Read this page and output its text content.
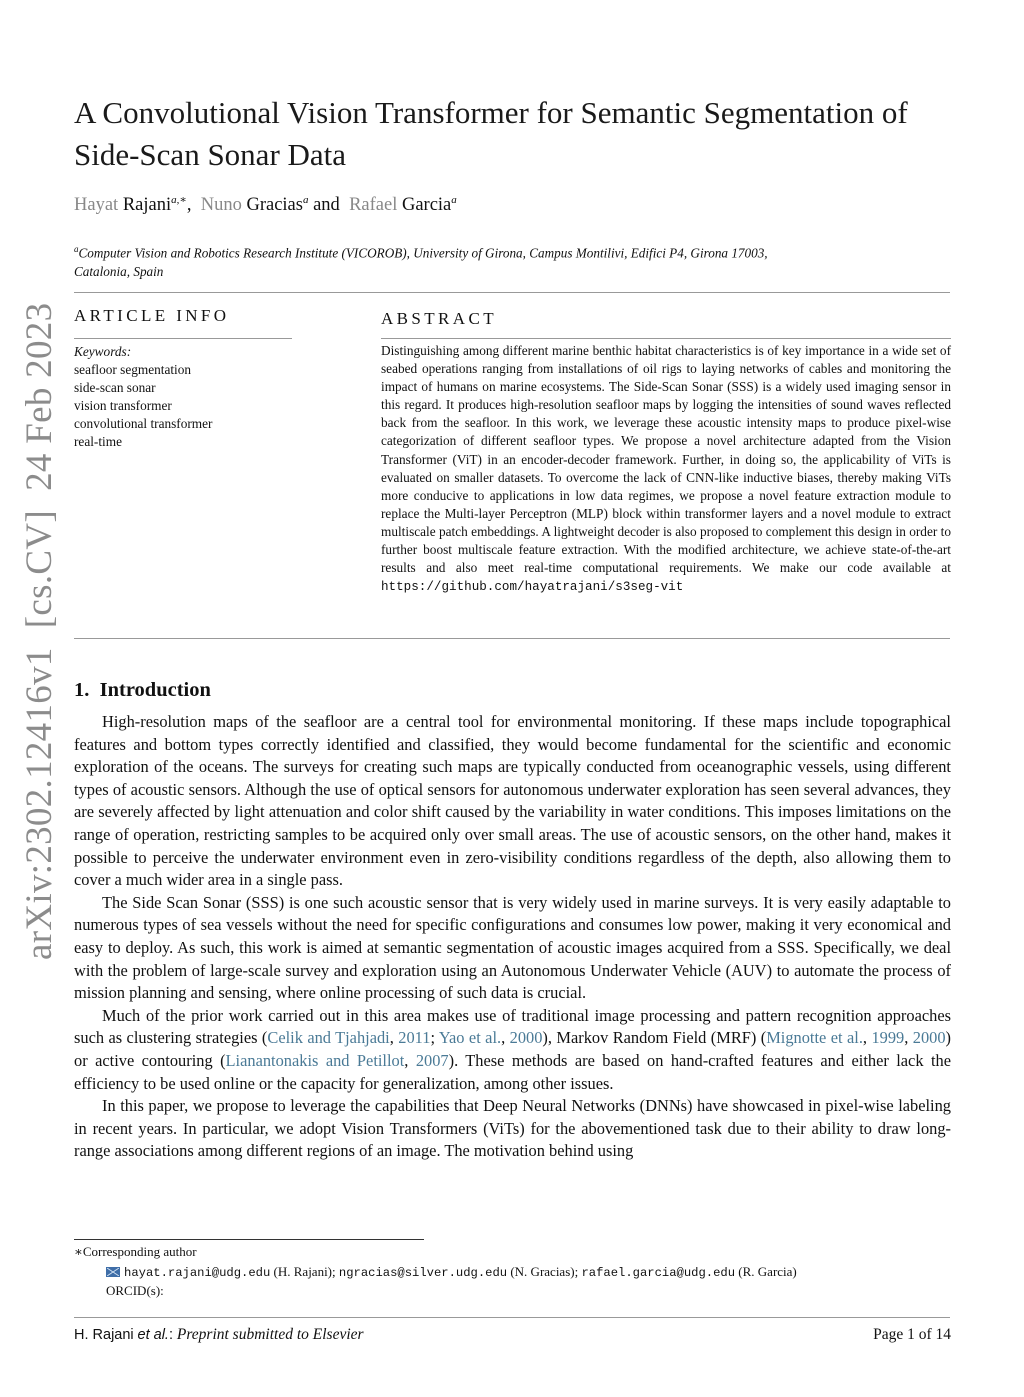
A Convolutional Vision Transformer for Semantic Segmentation of Side-Scan Sonar Data
Hayat Rajani$^{a,∗}$, Nuno Gracias$^a$ and Rafael Garcia$^a$
$^a$Computer Vision and Robotics Research Institute (VICOROB), University of Girona, Campus Montilivi, Edifici P4, Girona 17003, Catalonia, Spain
arXiv:2302.12416v1  [cs.CV]  24 Feb 2023 ARTICLE INFO
Keywords:
seafloor segmentation
side-scan sonar
vision transformer
convolutional transformer
real-time
ABSTRACT
Distinguishing among different marine benthic habitat characteristics is of key importance in a wide set of seabed operations ranging from installations of oil rigs to laying networks of cables and monitoring the impact of humans on marine ecosystems. The Side-Scan Sonar (SSS) is a widely used imaging sensor in this regard. It produces high-resolution seafloor maps by logging the intensities of sound waves reflected back from the seafloor. In this work, we leverage these acoustic intensity maps to produce pixel-wise categorization of different seafloor types. We propose a novel architecture adapted from the Vision Transformer (ViT) in an encoder-decoder framework. Further, in doing so, the applicability of ViTs is evaluated on smaller datasets. To overcome the lack of CNN-like inductive biases, thereby making ViTs more conducive to applications in low data regimes, we propose a novel feature extraction module to replace the Multi-layer Perceptron (MLP) block within transformer layers and a novel module to extract multiscale patch embeddings. A lightweight decoder is also proposed to complement this design in order to further boost multiscale feature extraction. With the modified architecture, we achieve state-of-the-art results and also meet real-time computational requirements. We make our code available at https://github.com/hayatrajani/s3seg-vit
1.  Introduction

High-resolution maps of the seafloor are a central tool for environmental monitoring. If these maps include topographical features and bottom types correctly identified and classified, they would become fundamental for the scientific and economic exploration of the oceans. The surveys for creating such maps are typically conducted from oceanographic vessels, using different types of acoustic sensors. Although the use of optical sensors for autonomous underwater exploration has seen several advances, they are severely affected by light attenuation and color shift caused by the variability in water conditions. This imposes limitations on the range of operation, restricting samples to be acquired only over small areas. The use of acoustic sensors, on the other hand, makes it possible to perceive the underwater environment even in zero-visibility conditions regardless of the depth, also allowing them to cover a much wider area in a single pass.

The Side Scan Sonar (SSS) is one such acoustic sensor that is very widely used in marine surveys. It is very easily adaptable to numerous types of sea vessels without the need for specific configurations and consumes low power, making it very economical and easy to deploy. As such, this work is aimed at semantic segmentation of acoustic images acquired from a SSS. Specifically, we deal with the problem of large-scale survey and exploration using an Autonomous Underwater Vehicle (AUV) to automate the process of mission planning and sensing, where online processing of such data is crucial.

Much of the prior work carried out in this area makes use of traditional image processing and pattern recognition approaches such as clustering strategies (Celik and Tjahjadi, 2011; Yao et al., 2000), Markov Random Field (MRF) (Mignotte et al., 1999, 2000) or active contouring (Lianantonakis and Petillot, 2007). These methods are based on hand-crafted features and either lack the efficiency to be used online or the capacity for generalization, among other issues.

In this paper, we propose to leverage the capabilities that Deep Neural Networks (DNNs) have showcased in pixel-wise labeling in recent years. In particular, we adopt Vision Transformers (ViTs) for the abovementioned task due to their ability to draw long-range associations among different regions of an image. The motivation behind using

∗Corresponding author
hayat.rajani@udg.edu (H. Rajani); ngracias@silver.udg.edu (N. Gracias); rafael.garcia@udg.edu (R. Garcia)
ORCID(s):
H. Rajani et al.: Preprint submitted to Elsevier	Page 1 of 14
